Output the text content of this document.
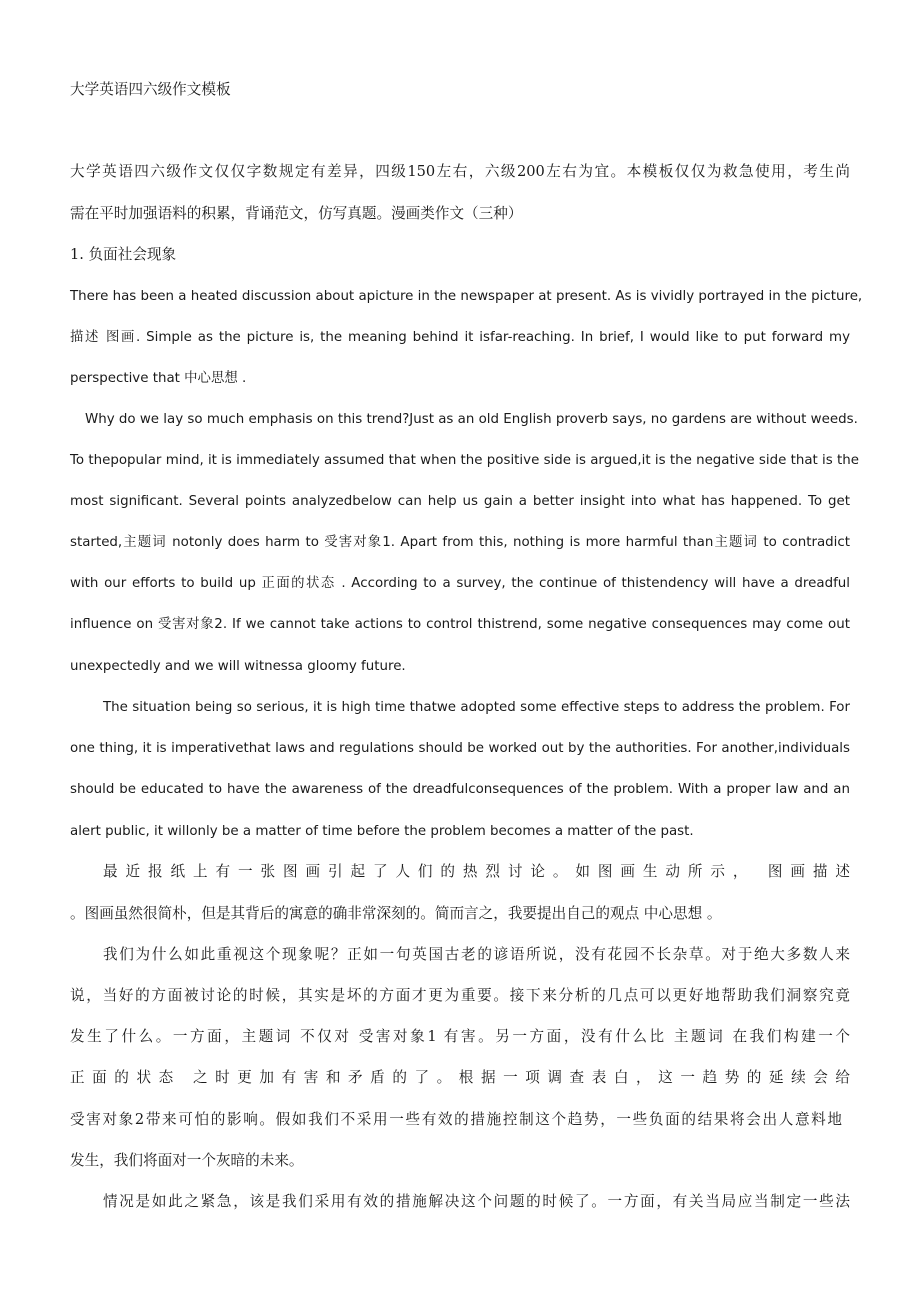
大学英语四六级作文模板
大学英语四六级作文仅仅字数规定有差异，四级150左右，六级200左右为宜。本模板仅仅为救急使用，考生尚
需在平时加强语料的积累，背诵范文，仿写真题。漫画类作文（三种）
1. 负面社会现象
There has been a heated discussion about apicture in the newspaper at present. As is vividly portrayed in the picture,
描述 图画. Simple as the picture is, the meaning behind it isfar-reaching. In brief, I would like to put forward my
perspective that 中心思想 .
Why do we lay so much emphasis on this trend?Just as an old English proverb says, no gardens are without weeds.
To thepopular mind, it is immediately assumed that when the positive side is argued,it is the negative side that is the
most significant. Several points analyzedbelow can help us gain a better insight into what has happened. To get
started,主题词 notonly does harm to 受害对象1. Apart from this, nothing is more harmful than主题词 to contradict
with our efforts to build up 正面的状态 . According to a survey, the continue of thistendency will have a dreadful
influence on 受害对象2. If we cannot take actions to control thistrend, some negative consequences may come out
unexpectedly and we will witnessa gloomy future.
The situation being so serious, it is high time thatwe adopted some effective steps to address the problem. For
one thing, it is imperativethat laws and regulations should be worked out by the authorities. For another,individuals
should be educated to have the awareness of the dreadfulconsequences of the problem. With a proper law and an
alert public, it willonly be a matter of time before the problem becomes a matter of the past.
最近报纸上有一张图画引起了人们的热烈讨论。如图画生动所示， 图画描述
。图画虽然很简朴，但是其背后的寓意的确非常深刻的。简而言之，我要提出自己的观点 中心思想 。
我们为什么如此重视这个现象呢？正如一句英国古老的谚语所说，没有花园不长杂草。对于绝大多数人来
说，当好的方面被讨论的时候，其实是坏的方面才更为重要。接下来分析的几点可以更好地帮助我们洞察究竟
发生了什么。一方面，主题词 不仅对 受害对象1 有害。另一方面，没有什么比 主题词 在我们构建一个
正面的状态 之时更加有害和矛盾的了。根据一项调查表白，这一趋势的延续会给
受害对象2带来可怕的影响。假如我们不采用一些有效的措施控制这个趋势，一些负面的结果将会出人意料地
发生，我们将面对一个灰暗的未来。
情况是如此之紧急，该是我们采用有效的措施解决这个问题的时候了。一方面，有关当局应当制定一些法
